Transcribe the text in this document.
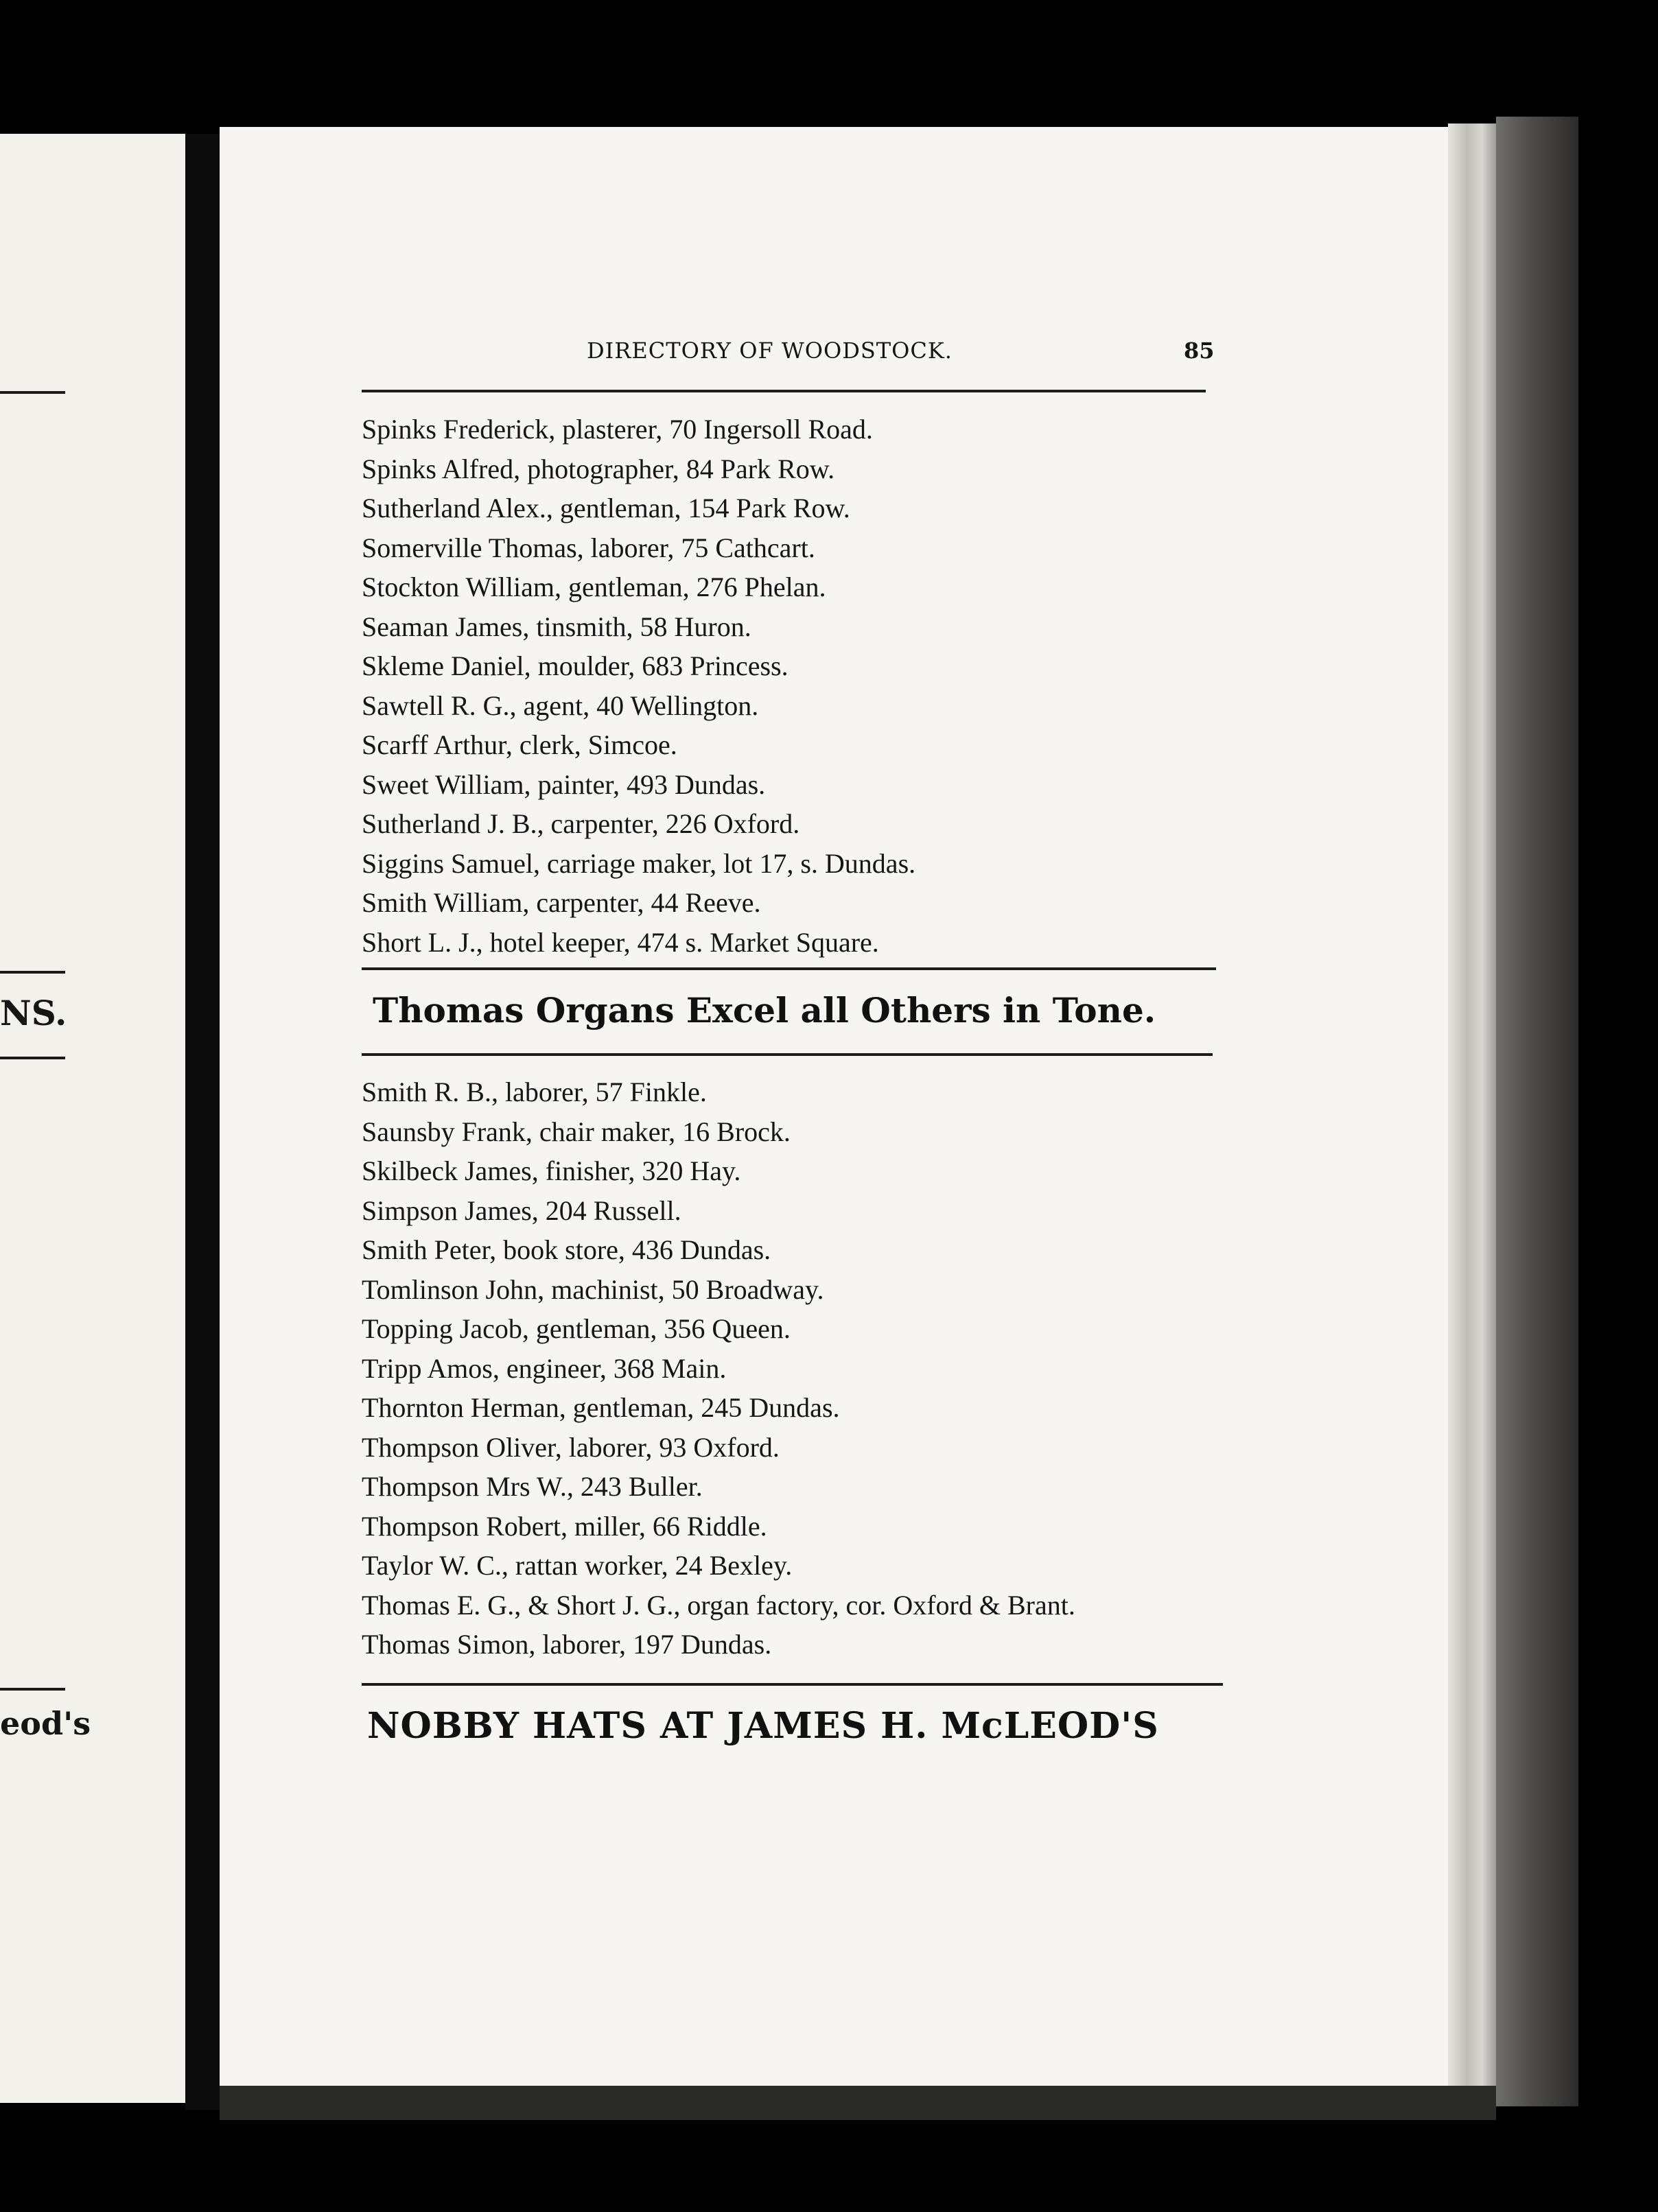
NS.
eod's
DIRECTORY OF WOODSTOCK.	85
Spinks Frederick, plasterer, 70 Ingersoll Road.
Spinks Alfred, photographer, 84 Park Row.
Sutherland Alex., gentleman, 154 Park Row.
Somerville Thomas, laborer, 75 Cathcart.
Stockton William, gentleman, 276 Phelan.
Seaman James, tinsmith, 58 Huron.
Skleme Daniel, moulder, 683 Princess.
Sawtell R. G., agent, 40 Wellington.
Scarff Arthur, clerk, Simcoe.
Sweet William, painter, 493 Dundas.
Sutherland J. B., carpenter, 226 Oxford.
Siggins Samuel, carriage maker, lot 17, s. Dundas.
Smith William, carpenter, 44 Reeve.
Short L. J., hotel keeper, 474 s. Market Square.
Thomas Organs Excel all Others in Tone.
Smith R. B., laborer, 57 Finkle.
Saunsby Frank, chair maker, 16 Brock.
Skilbeck James, finisher, 320 Hay.
Simpson James, 204 Russell.
Smith Peter, book store, 436 Dundas.
Tomlinson John, machinist, 50 Broadway.
Topping Jacob, gentleman, 356 Queen.
Tripp Amos, engineer, 368 Main.
Thornton Herman, gentleman, 245 Dundas.
Thompson Oliver, laborer, 93 Oxford.
Thompson Mrs W., 243 Buller.
Thompson Robert, miller, 66 Riddle.
Taylor W. C., rattan worker, 24 Bexley.
Thomas E. G., & Short J. G., organ factory, cor. Oxford & Brant.
Thomas Simon, laborer, 197 Dundas.
NOBBY HATS AT JAMES H. McLEOD'S
